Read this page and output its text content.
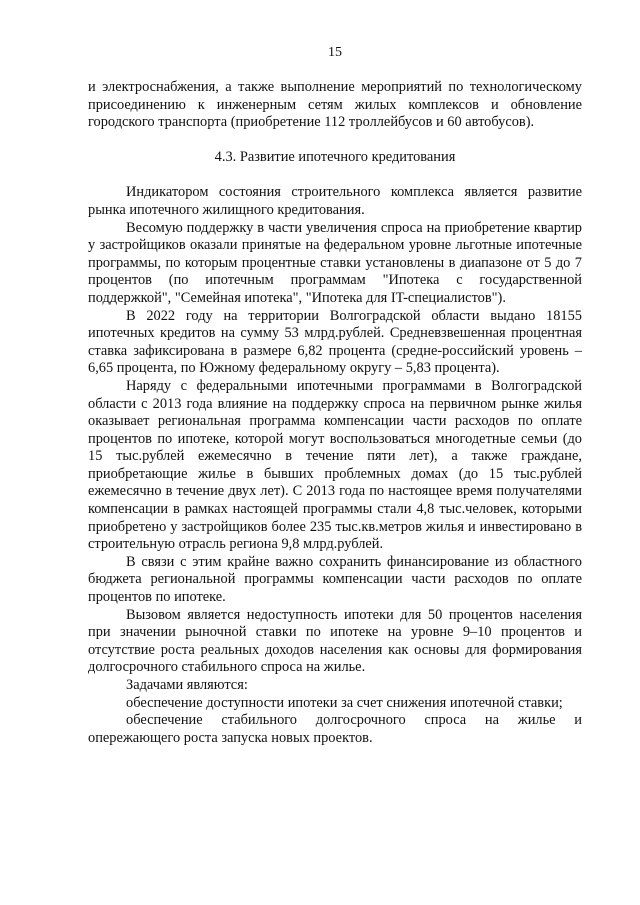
15

и электроснабжения, а также выполнение мероприятий по технологическому присоединению к инженерным сетям жилых комплексов и обновление городского транспорта (приобретение 112 троллейбусов и 60 автобусов).

4.3. Развитие ипотечного кредитования

Индикатором состояния строительного комплекса является развитие рынка ипотечного жилищного кредитования.

Весомую поддержку в части увеличения спроса на приобретение квартир у застройщиков оказали принятые на федеральном уровне льготные ипотечные программы, по которым процентные ставки установлены в диапазоне от 5 до 7 процентов (по ипотечным программам "Ипотека с государственной поддержкой", "Семейная ипотека", "Ипотека для IT-специалистов").

В 2022 году на территории Волгоградской области выдано 18155 ипотечных кредитов на сумму 53 млрд.рублей. Средневзвешенная процентная ставка зафиксирована в размере 6,82 процента (средне-российский уровень – 6,65 процента, по Южному федеральному округу – 5,83 процента).

Наряду с федеральными ипотечными программами в Волгоградской области с 2013 года влияние на поддержку спроса на первичном рынке жилья оказывает региональная программа компенсации части расходов по оплате процентов по ипотеке, которой могут воспользоваться многодетные семьи (до 15 тыс.рублей ежемесячно в течение пяти лет), а также граждане, приобретающие жилье в бывших проблемных домах (до 15 тыс.рублей ежемесячно в течение двух лет). С 2013 года по настоящее время получателями компенсации в рамках настоящей программы стали 4,8 тыс.человек, которыми приобретено у застройщиков более 235 тыс.кв.метров жилья и инвестировано в строительную отрасль региона 9,8 млрд.рублей.

В связи с этим крайне важно сохранить финансирование из областного бюджета региональной программы компенсации части расходов по оплате процентов по ипотеке.

Вызовом является недоступность ипотеки для 50 процентов населения при значении рыночной ставки по ипотеке на уровне 9–10 процентов и отсутствие роста реальных доходов населения как основы для формирования долгосрочного стабильного спроса на жилье.

Задачами являются:

обеспечение доступности ипотеки за счет снижения ипотечной ставки;

обеспечение стабильного долгосрочного спроса на жилье и опережающего роста запуска новых проектов.
